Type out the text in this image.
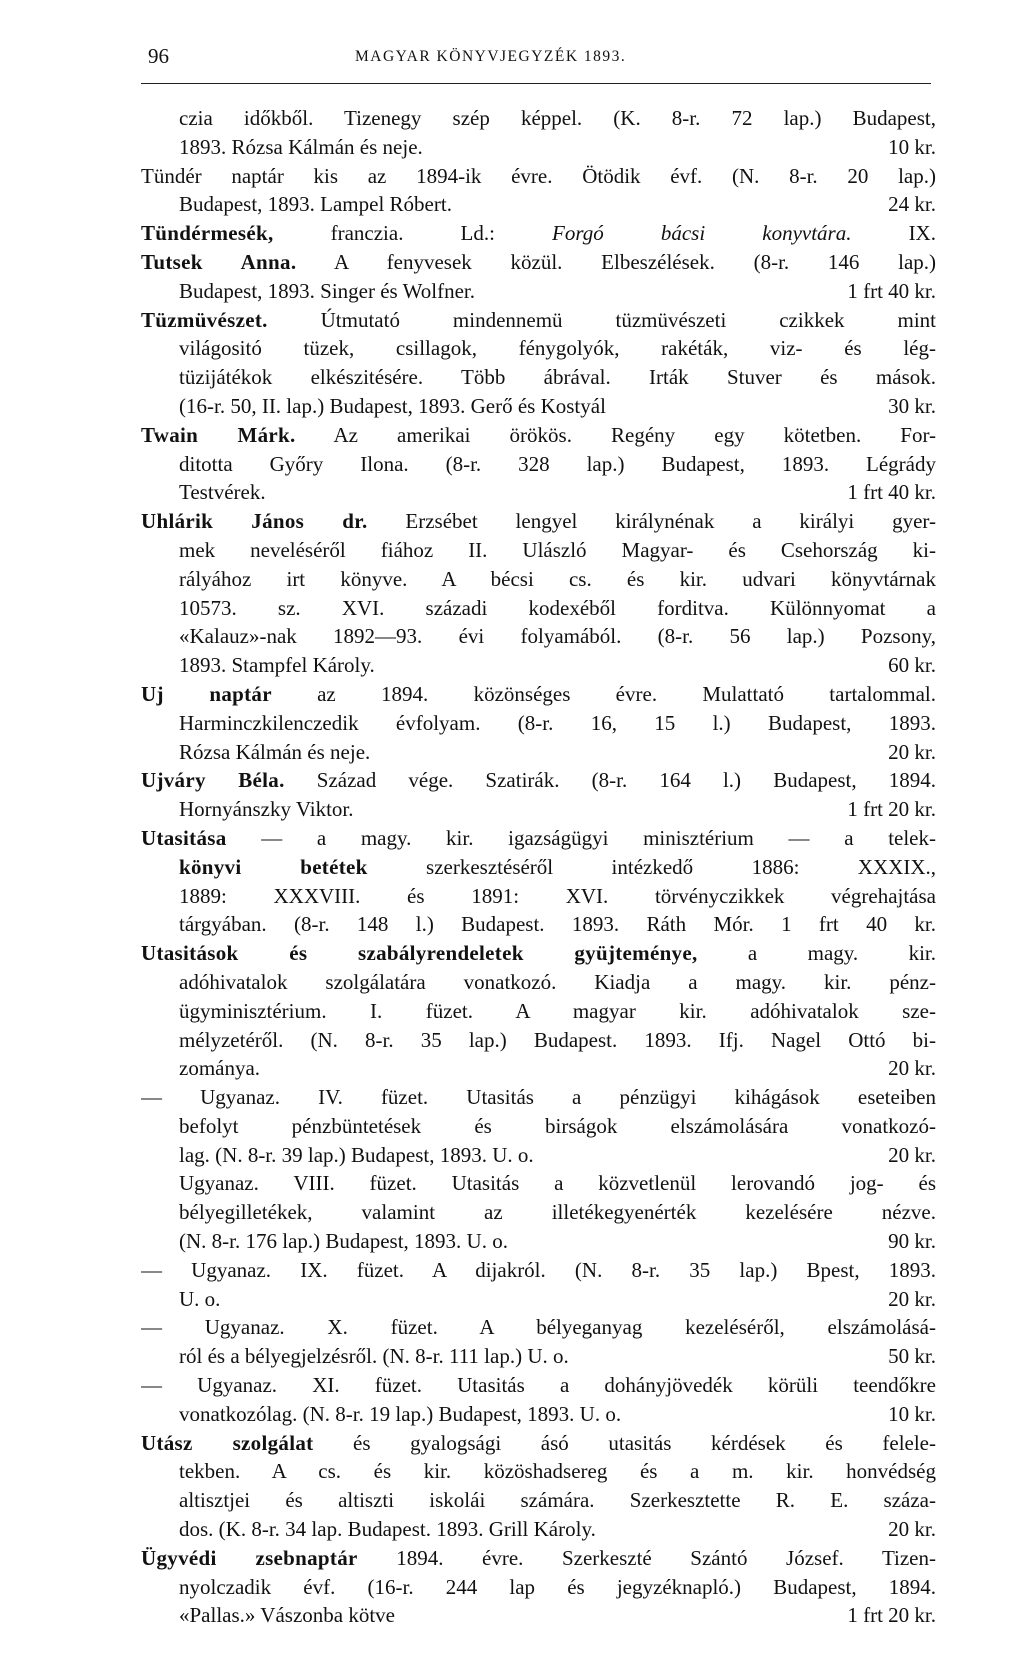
96	MAGYAR KÖNYVJEGYZÉK 1893.
czia időkből. Tizenegy szép képpel. (K. 8-r. 72 lap.) Budapest,
1893. Rózsa Kálmán és neje.	10 kr.
Tündér naptár kis az 1894-ik évre. Ötödik évf. (N. 8-r. 20 lap.)
Budapest, 1893. Lampel Róbert.	24 kr.
Tündérmesék, franczia. Ld.: Forgó bácsi konyvtára. IX.
Tutsek Anna. A fenyvesek közül. Elbeszélések. (8-r. 146 lap.)
Budapest, 1893. Singer és Wolfner.	1 frt 40 kr.
Tüzmüvészet. Útmutató mindennemü tüzmüvészeti czikkek mint
világositó tüzek, csillagok, fénygolyók, rakéták, viz- és lég-
tüzijátékok elkészitésére. Több ábrával. Irták Stuver és mások.
(16-r. 50, II. lap.) Budapest, 1893. Gerő és Kostyál	30 kr.
Twain Márk. Az amerikai örökös. Regény egy kötetben. For-
ditotta Győry Ilona. (8-r. 328 lap.) Budapest, 1893. Légrády
Testvérek.	1 frt 40 kr.
Uhlárik János dr. Erzsébet lengyel királynénak a királyi gyer-
mek neveléséről fiához II. Ulászló Magyar- és Csehország ki-
rályához irt könyve. A bécsi cs. és kir. udvari könyvtárnak
10573. sz. XVI. századi kodexéből forditva. Különnyomat a
«Kalauz»-nak 1892—93. évi folyamából. (8-r. 56 lap.) Pozsony,
1893. Stampfel Károly.	60 kr.
Uj naptár az 1894. közönséges évre. Mulattató tartalommal.
Harminczkilenczedik évfolyam. (8-r. 16, 15 l.) Budapest, 1893.
Rózsa Kálmán és neje.	20 kr.
Ujváry Béla. Század vége. Szatirák. (8-r. 164 l.) Budapest, 1894.
Hornyánszky Viktor.	1 frt 20 kr.
Utasitása — a magy. kir. igazságügyi minisztérium — a telek-
könyvi betétek szerkesztéséről intézkedő 1886: XXXIX.,
1889: XXXVIII. és 1891: XVI. törvényczikkek végrehajtása
tárgyában. (8-r. 148 l.) Budapest. 1893. Ráth Mór. 1 frt 40 kr.
Utasitások és szabályrendeletek gyüjteménye, a magy. kir.
adóhivatalok szolgálatára vonatkozó. Kiadja a magy. kir. pénz-
ügyminisztérium. I. füzet. A magyar kir. adóhivatalok sze-
mélyzetéről. (N. 8-r. 35 lap.) Budapest. 1893. Ifj. Nagel Ottó bi-
zománya.	20 kr.
— Ugyanaz. IV. füzet. Utasitás a pénzügyi kihágások eseteiben
befolyt pénzbüntetések és birságok elszámolására vonatkozó-
lag. (N. 8-r. 39 lap.) Budapest, 1893. U. o.	20 kr.
Ugyanaz. VIII. füzet. Utasitás a közvetlenül lerovandó jog- és
bélyegilletékek, valamint az illetékegyenérték kezelésére nézve.
(N. 8-r. 176 lap.) Budapest, 1893. U. o.	90 kr.
— Ugyanaz. IX. füzet. A dijakról. (N. 8-r. 35 lap.) Bpest, 1893.
U. o.	20 kr.
— Ugyanaz. X. füzet. A bélyeganyag kezeléséről, elszámolásá-
ról és a bélyegjelzésről. (N. 8-r. 111 lap.) U. o.	50 kr.
— Ugyanaz. XI. füzet. Utasitás a dohányjövedék körüli teendőkre
vonatkozólag. (N. 8-r. 19 lap.) Budapest, 1893. U. o.	10 kr.
Utász szolgálat és gyalogsági ásó utasitás kérdések és felele-
tekben. A cs. és kir. közöshadsereg és a m. kir. honvédség
altisztjei és altiszti iskolái számára. Szerkesztette R. E. száza-
dos. (K. 8-r. 34 lap. Budapest. 1893. Grill Károly.	20 kr.
Ügyvédi zsebnaptár 1894. évre. Szerkeszté Szántó József. Tizen-
nyolczadik évf. (16-r. 244 lap és jegyzéknapló.) Budapest, 1894.
«Pallas.» Vászonba kötve	1 frt 20 kr.
